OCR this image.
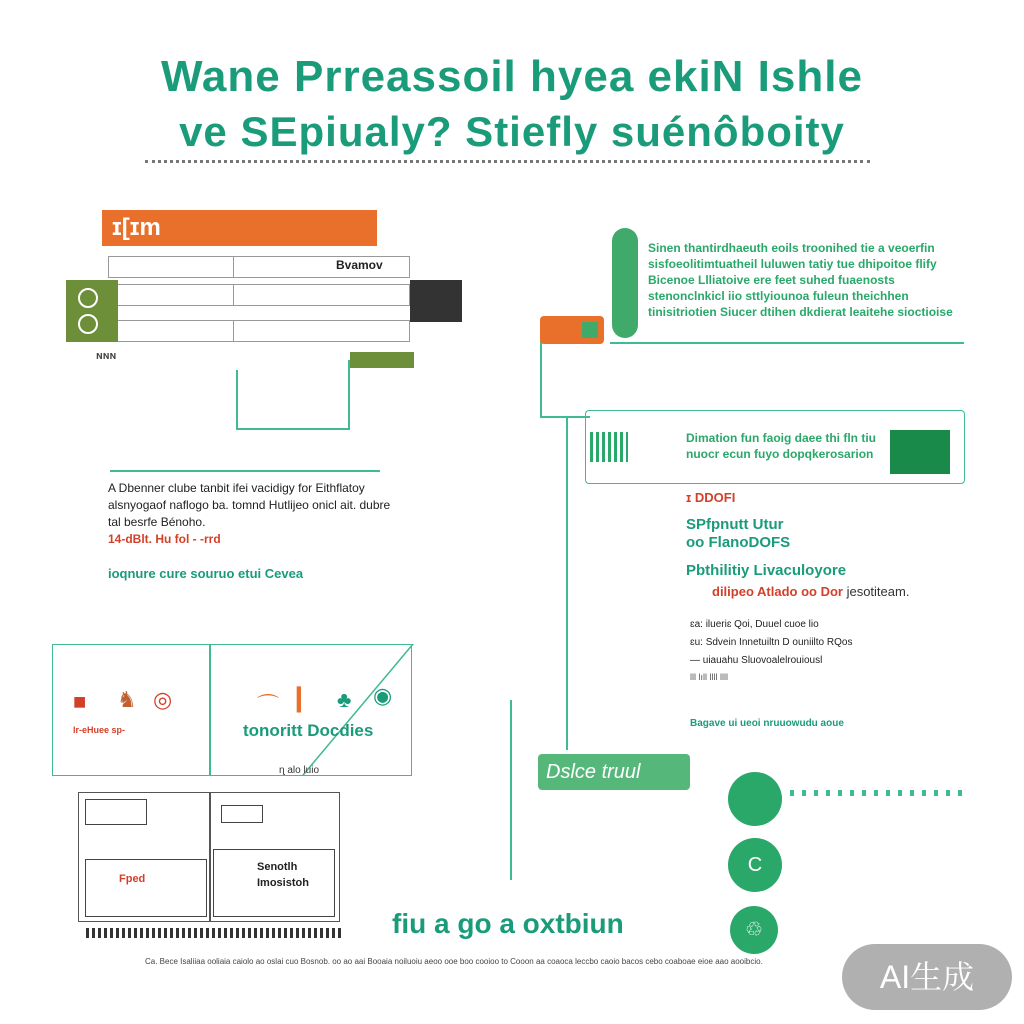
Wane Prreassoil hyea ekiN Ishle
ve SEpiualy? Stiefly suénôboity
ɪ[ɪm
Bvamov
ɴɴɴ
A Dbenner clube tanbit ifei vacidigy for Eithflatoy alsnyogaof naflogo ba. tomnd Hutlijeo onicl ait. dubre tal besrfe Bénoho.
14-dBlt. Hu fol - -rrd
ioqnure cure souruo etui Cevea
■ ♞ ◎
lr-eHuee sp-
⌒ ▎ ♣ ◉
tonoritt Docdies
ɳ alo luio
Fped
Senotlh
Imosistoh
fiu a go a oxtbiun
Sinen thantirdhaeuth eoils troonihed tie a veoerfin sisfoeolitimtuatheil luluwen tatiy tue dhipoitoe flify Bicenoe Llliatoive ere feet suhed fuaenosts stenonclnkicl iio sttlyiounoa fuleun theichhen tinisitriotien Siucer dtihen dkdierat leaitehe sioctioise
Dimation fun faoig daee thi fln tiu nuocr ecun fuyo dopqkerosarion
ɪ DDOFI
SPfpnutt Utur
oo FlanoDOFS
Pbthilitiy Livaculoyore
dilipeo Atlado oo Dor jesotiteam.
ɛa: ilueriɛ Qoi, Duuel cuoe lio
ɛu: Sdvein Innetuiltn D ouniilto RQos
— uiauahu Sluovoalelrouiousl
lll lıll llll llll
Bagave ui ueoi nruuowudu aoue
Dslce truul
C
♲
Ca. Bece Isaliiaa ooliaia caiolo ao oslai cuo Bosnob. oo ao aai Booaia noiluoiu aeoo ooe boo cooioo to Cooon aa coaoca leccbo caoio bacos cebo coaboae eioe aao aooibcio.	AI生成
